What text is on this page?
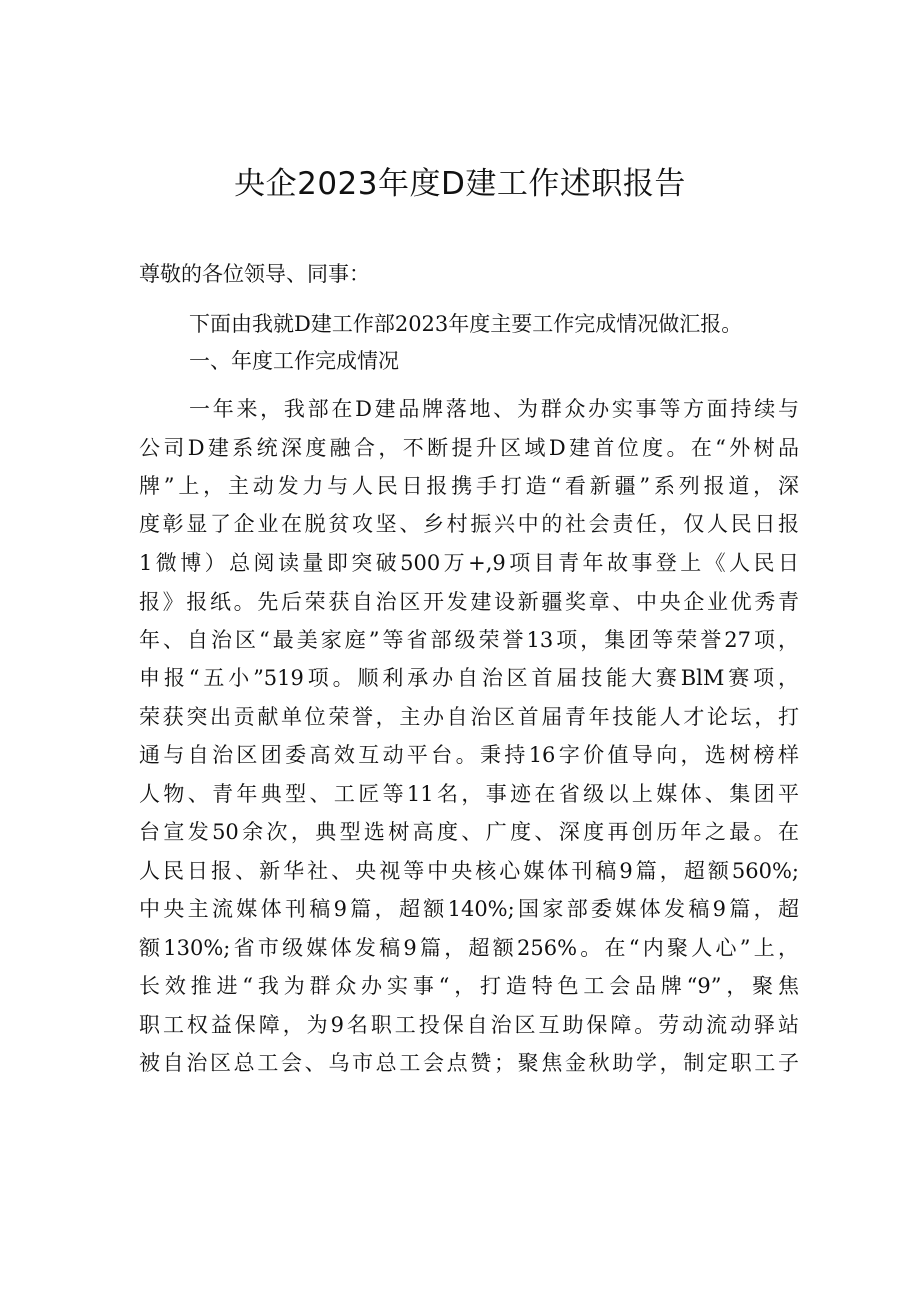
央企2023年度D建工作述职报告
尊敬的各位领导、同事：
下面由我就D建工作部2023年度主要工作完成情况做汇报。
一、年度工作完成情况
一年来，我部在D建品牌落地、为群众办实事等方面持续与
公司D建系统深度融合，不断提升区域D建首位度。在“外树品
牌”上，主动发力与人民日报携手打造“看新疆”系列报道，深
度彰显了企业在脱贫攻坚、乡村振兴中的社会责任，仅人民日报
1微博）总阅读量即突破500万+,9项目青年故事登上《人民日
报》报纸。先后荣获自治区开发建设新疆奖章、中央企业优秀青
年、自治区“最美家庭”等省部级荣誉13项，集团等荣誉27项，
申报“五小”519项。顺利承办自治区首届技能大赛BlM赛项，
荣获突出贡献单位荣誉，主办自治区首届青年技能人才论坛，打
通与自治区团委高效互动平台。秉持16字价值导向，选树榜样
人物、青年典型、工匠等11名，事迹在省级以上媒体、集团平
台宣发50余次，典型选树高度、广度、深度再创历年之最。在
人民日报、新华社、央视等中央核心媒体刊稿9篇，超额560%;
中央主流媒体刊稿9篇，超额140%;国家部委媒体发稿9篇，超
额130%;省市级媒体发稿9篇，超额256%。在“内聚人心”上，
长效推进“我为群众办实事“，打造特色工会品牌“9”，聚焦
职工权益保障，为9名职工投保自治区互助保障。劳动流动驿站
被自治区总工会、乌市总工会点赞；聚焦金秋助学，制定职工子
